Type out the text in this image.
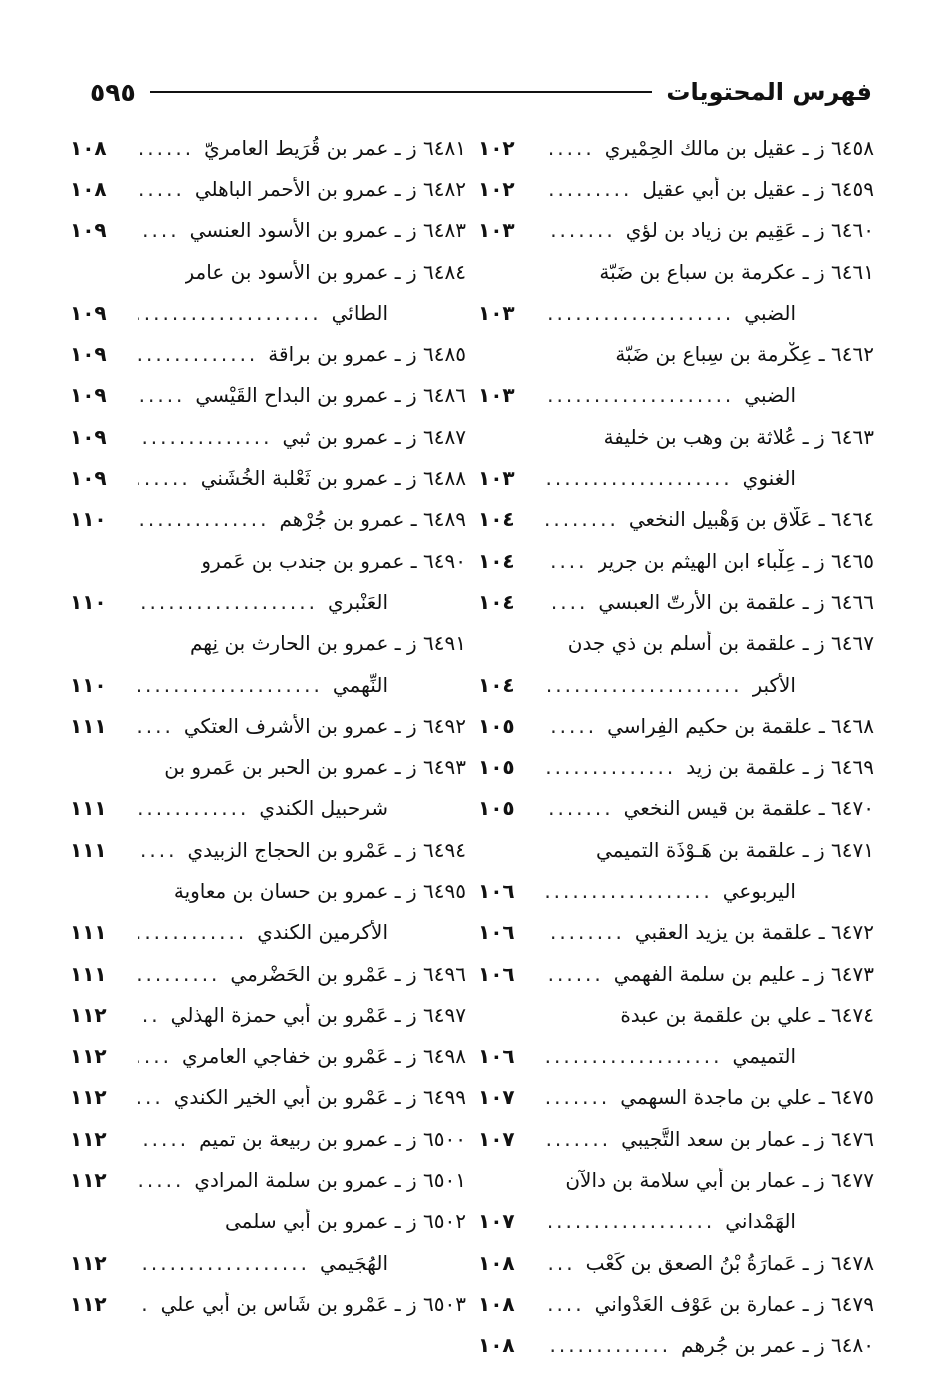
فهرس المحتويات
٥٩٥
٦٤٥٨ ز ـ عقيل بن مالك الحِمْيري
.....
١٠٢
٦٤٥٩ ز ـ عقيل بن أبي عقيل
.....
١٠٢
٦٤٦٠ ز ـ عَقِيم بن زياد بن لؤي
.....
١٠٣
٦٤٦١ ز ـ عكرمة بن سباع بن ضَبّة
الضبي
.....
١٠٣
٦٤٦٢ ـ عِكْرمة بن سِباع بن ضَبّة
الضبي
.....
١٠٣
٦٤٦٣ ز ـ عُلاثة بن وهب بن خليفة
الغنوي
.....
١٠٣
٦٤٦٤ ـ عَلّاق بن وَهْبيل النخعي
.....
١٠٤
٦٤٦٥ ز ـ عِلْباء ابن الهيثم بن جرير
.....
١٠٤
٦٤٦٦ ز ـ علقمة بن الأرتّ العبسي
.....
١٠٤
٦٤٦٧ ز ـ علقمة بن أسلم بن ذي جدن
الأكبر
.....
١٠٤
٦٤٦٨ ـ علقمة بن حكيم الفِراسي
.....
١٠٥
٦٤٦٩ ز ـ علقمة بن زيد
.....
١٠٥
٦٤٧٠ ـ علقمة بن قيس النخعي
.....
١٠٥
٦٤٧١ ز ـ علقمة بن هَـوْذَة التميمي
اليربوعي
.....
١٠٦
٦٤٧٢ ـ علقمة بن يزيد العقبي
.....
١٠٦
٦٤٧٣ ز ـ عليم بن سلمة الفهمي
.....
١٠٦
٦٤٧٤ ـ علي بن علقمة بن عبدة
التميمي
.....
١٠٦
٦٤٧٥ ـ علي بن ماجدة السهمي
.....
١٠٧
٦٤٧٦ ز ـ عمار بن سعد التَّجيبي
.....
١٠٧
٦٤٧٧ ز ـ عمار بن أبي سلامة بن دالآن
الهَمْداني
.....
١٠٧
٦٤٧٨ ز ـ عَمارَةُ بْنُ الصعق بن كَعْب
.....
١٠٨
٦٤٧٩ ز ـ عمارة بن عَوْف العَدْواني
.....
١٠٨
٦٤٨٠ ز ـ عمر بن جُرهم
.....
١٠٨
٦٤٨١ ز ـ عمر بن قُرَيط العامريّ
.....
١٠٨
٦٤٨٢ ز ـ عمرو بن الأحمر الباهلي
.....
١٠٨
٦٤٨٣ ز ـ عمرو بن الأسود العنسي
.....
١٠٩
٦٤٨٤ ز ـ عمرو بن الأسود بن عامر
الطائي
.....
١٠٩
٦٤٨٥ ز ـ عمرو بن براقة
.....
١٠٩
٦٤٨٦ ز ـ عمرو بن البداح القَيْسي
.....
١٠٩
٦٤٨٧ ز ـ عمرو بن ثبي
.....
١٠٩
٦٤٨٨ ز ـ عمرو بن ثَعْلبة الخُشَني
.....
١٠٩
٦٤٨٩ ـ عمرو بن جُرْهم
.....
١١٠
٦٤٩٠ ـ عمرو بن جندب بن عَمرو
العَنْبري
.....
١١٠
٦٤٩١ ز ـ عمرو بن الحارث بن نِهم
النِّهمي
.....
١١٠
٦٤٩٢ ز ـ عمرو بن الأشرف العتكي
.....
١١١
٦٤٩٣ ز ـ عمرو بن الحبر بن عَمرو بن
شرحبيل الكندي
.....
١١١
٦٤٩٤ ز ـ عَمْرو بن الحجاج الزبيدي
.....
١١١
٦٤٩٥ ز ـ عمرو بن حسان بن معاوية
الأكرمين الكندي
.....
١١١
٦٤٩٦ ز ـ عَمْرو بن الحَضْرمي
.....
١١١
٦٤٩٧ ز ـ عَمْرو بن أبي حمزة الهذلي
.....
١١٢
٦٤٩٨ ز ـ عَمْرو بن خفاجي العامري
.....
١١٢
٦٤٩٩ ز ـ عَمْرو بن أبي الخير الكندي
.....
١١٢
٦٥٠٠ ز ـ عمرو بن ربيعة بن تميم
.....
١١٢
٦٥٠١ ز ـ عمرو بن سلمة المرادي
.....
١١٢
٦٥٠٢ ز ـ عمرو بن أبي سلمى
الهُجَيمي
.....
١١٢
٦٥٠٣ ز ـ عَمْرو بن شَاس بن أبي علي
.....
١١٢
